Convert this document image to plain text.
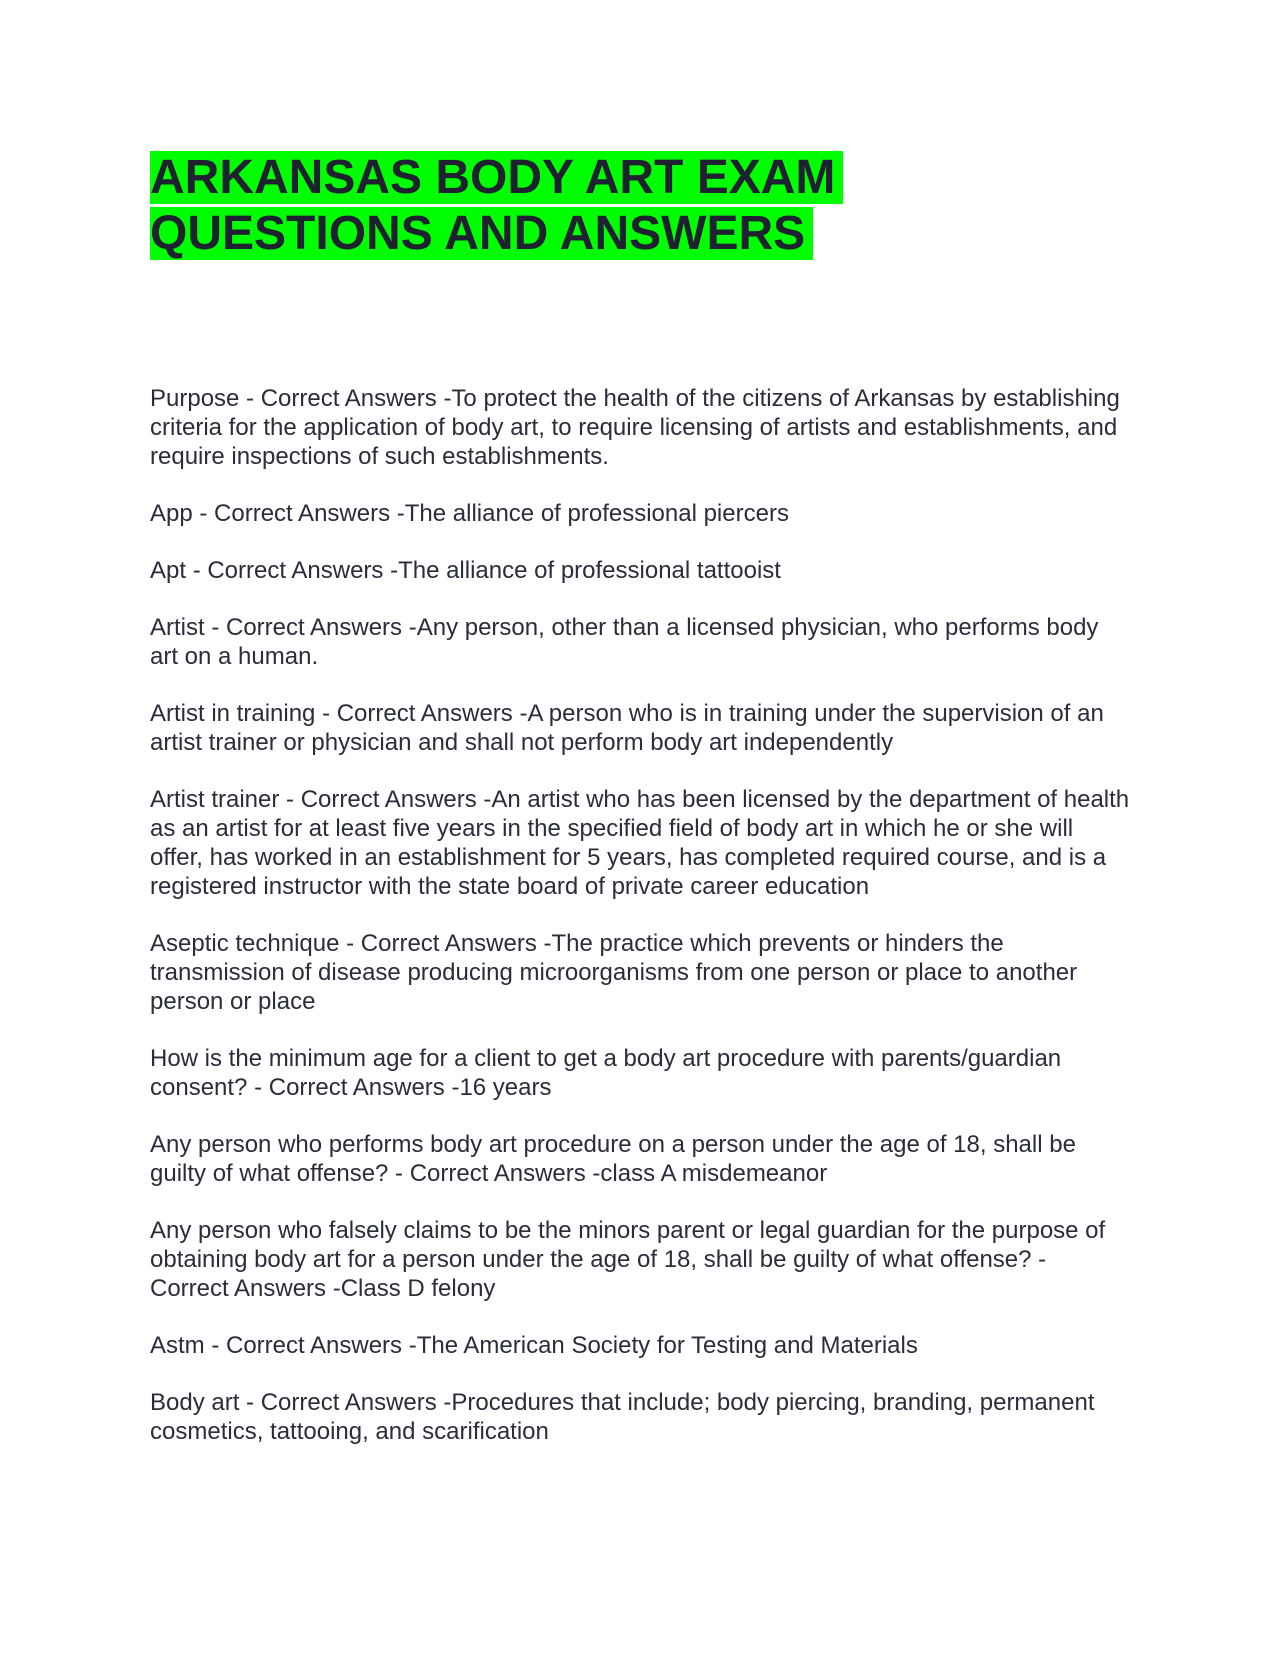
ARKANSAS BODY ART EXAM
QUESTIONS AND ANSWERS

Purpose - Correct Answers -To protect the health of the citizens of Arkansas by establishing criteria for the application of body art, to require licensing of artists and establishments, and require inspections of such establishments.

App - Correct Answers -The alliance of professional piercers

Apt - Correct Answers -The alliance of professional tattooist

Artist - Correct Answers -Any person, other than a licensed physician, who performs body art on a human.

Artist in training - Correct Answers -A person who is in training under the supervision of an artist trainer or physician and shall not perform body art independently

Artist trainer - Correct Answers -An artist who has been licensed by the department of health as an artist for at least five years in the specified field of body art in which he or she will offer, has worked in an establishment for 5 years, has completed required course, and is a registered instructor with the state board of private career education

Aseptic technique - Correct Answers -The practice which prevents or hinders the transmission of disease producing microorganisms from one person or place to another person or place

How is the minimum age for a client to get a body art procedure with parents/guardian consent? - Correct Answers -16 years

Any person who performs body art procedure on a person under the age of 18, shall be guilty of what offense? - Correct Answers -class A misdemeanor

Any person who falsely claims to be the minors parent or legal guardian for the purpose of obtaining body art for a person under the age of 18, shall be guilty of what offense? - Correct Answers -Class D felony

Astm - Correct Answers -The American Society for Testing and Materials

Body art - Correct Answers -Procedures that include; body piercing, branding, permanent cosmetics, tattooing, and scarification
